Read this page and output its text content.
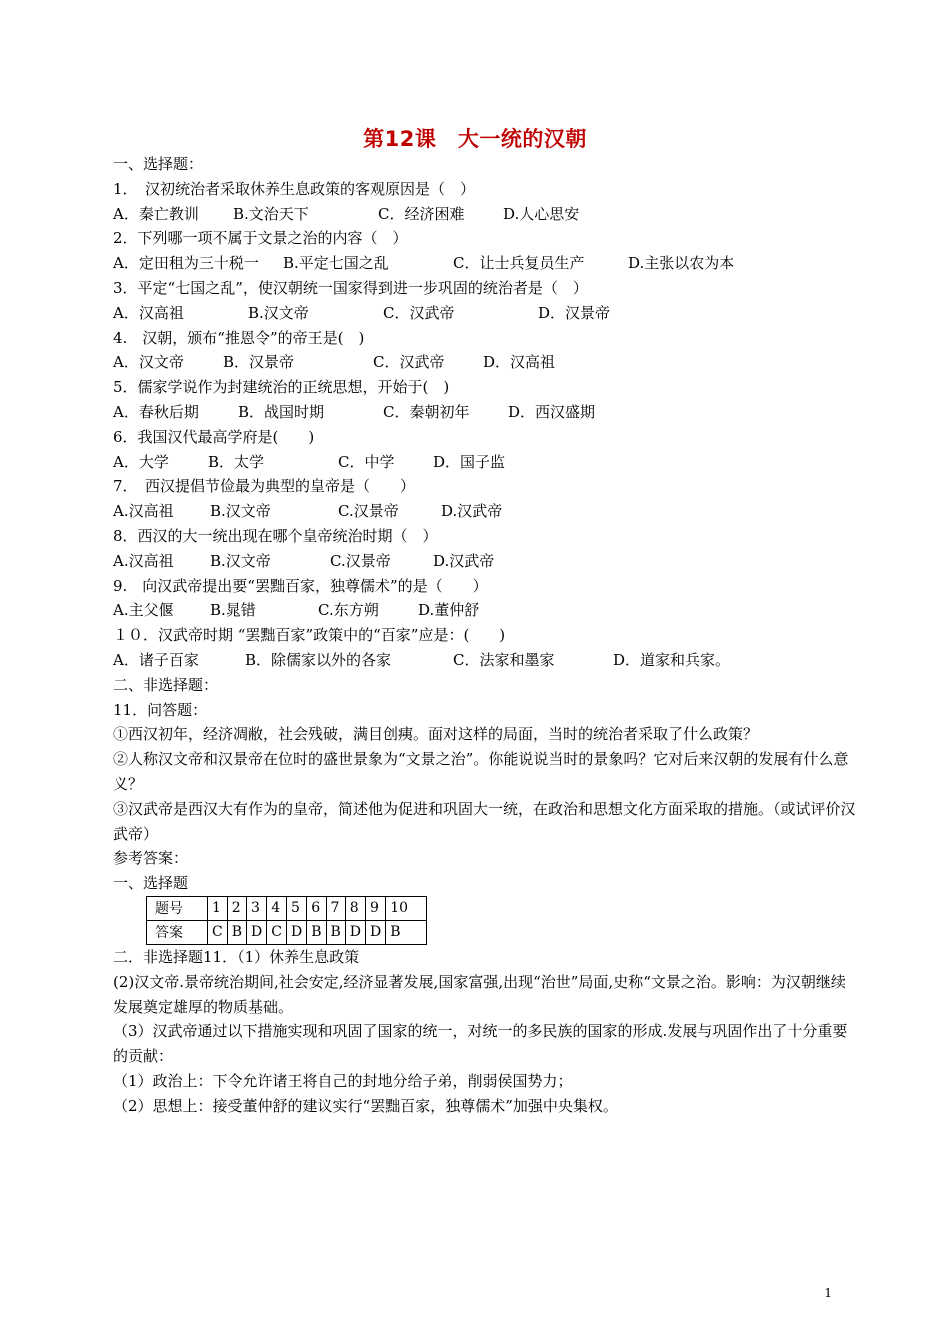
第12课　大一统的汉朝
一、选择题：
1．　汉初统治者采取休养生息政策的客观原因是（　）
A．秦亡教训	B.文治天下	C．经济困难	D.人心思安
2．下列哪一项不属于文景之治的内容（　）
A．定田租为三十税一	B.平定七国之乱	C．让士兵复员生产	D.主张以农为本
3．平定“七国之乱”，使汉朝统一国家得到进一步巩固的统治者是（　）
A．汉高祖	B.汉文帝	C．汉武帝	D．汉景帝
4.　汉朝，颁布“推恩令”的帝王是(　)
A．汉文帝	B．汉景帝	C．汉武帝	D．汉高祖
5．儒家学说作为封建统治的正统思想，开始于(　)
A．春秋后期	B．战国时期	C．秦朝初年	D．西汉盛期
6．我国汉代最高学府是(　　)
A．大学	B．太学	C．中学	D．国子监
7．　西汉提倡节俭最为典型的皇帝是（　　）
A.汉高祖	B.汉文帝	C.汉景帝	D.汉武帝
8．西汉的大一统出现在哪个皇帝统治时期（　）
A.汉高祖	B.汉文帝	C.汉景帝	D.汉武帝
9.　向汉武帝提出要“罢黜百家，独尊儒术”的是（　　）
A.主父偃	B.晁错	C.东方朔	D.董仲舒
１０．汉武帝时期 “罢黜百家”政策中的“百家”应是：(　　)
A．诸子百家	B．除儒家以外的各家	C．法家和墨家	D．道家和兵家。
二、非选择题：
11．问答题：
①西汉初年，经济凋敝，社会残破，满目创痍。面对这样的局面，当时的统治者采取了什么政策？
②人称汉文帝和汉景帝在位时的盛世景象为“文景之治”。你能说说当时的景象吗？它对后来汉朝的发展有什么意义？
③汉武帝是西汉大有作为的皇帝，简述他为促进和巩固大一统，在政治和思想文化方面采取的措施。（或试评价汉武帝）
参考答案：
一、选择题
题号	1	2	3	4	5	6	7	8	9	10
答案	C	B	D	C	D	B	B	D	D	B
二．非选择题11．（1）休养生息政策
(2)汉文帝.景帝统治期间,社会安定,经济显著发展,国家富强,出现“治世”局面,史称“文景之治。影响：为汉朝继续发展奠定雄厚的物质基础。
（3）汉武帝通过以下措施实现和巩固了国家的统一，对统一的多民族的国家的形成.发展与巩固作出了十分重要的贡献：
（1）政治上：下令允许诸王将自己的封地分给子弟，削弱侯国势力；
（2）思想上：接受董仲舒的建议实行“罢黜百家，独尊儒术”加强中央集权。
1
